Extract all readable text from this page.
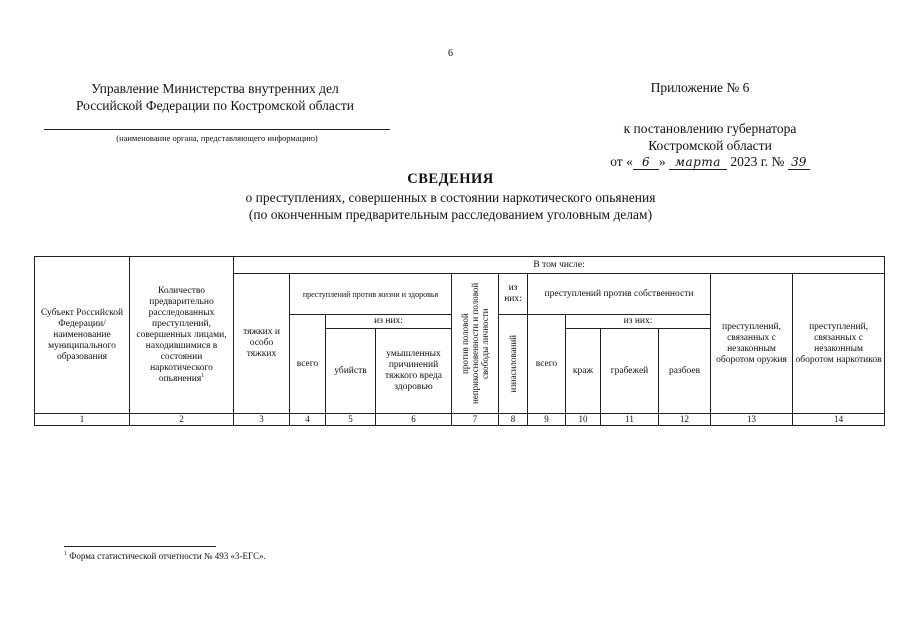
6
Управление Министерства внутренних дел
Российской Федерации по Костромской области
(наименование органа, представляющего информацию)
Приложение № 6
к постановлению губернатора
Костромской области
от « 6 » марта 2023 г. № 39
СВЕДЕНИЯ
о преступлениях, совершенных в состоянии наркотического опьянения
(по оконченным предварительным расследованием уголовным делам)
Субъект Российской Федерации/ наименование муниципального образования	Количество предварительно расследованных преступлений, совершенных лицами, находившимися в состоянии наркотического опьянения$^1$	В том числе:											
		тяжких и особо тяжких	преступлений против жизни и здоровья			против половой неприкосновенности и половой свободы личности	из них:	преступлений против собственности				преступлений, связанных с незаконным оборотом оружия	преступлений, связанных с незаконным оборотом наркотиков
			всего	из них:			изнасилований	всего	из них:				
				убийств	умышленных причинений тяжкого вреда здоровью				краж	грабежей	разбоев		
1	2	3	4	5	6	7	8	9	10	11	12	13	14
$^1$ Форма статистической отчетности № 493 «3-ЕГС».
